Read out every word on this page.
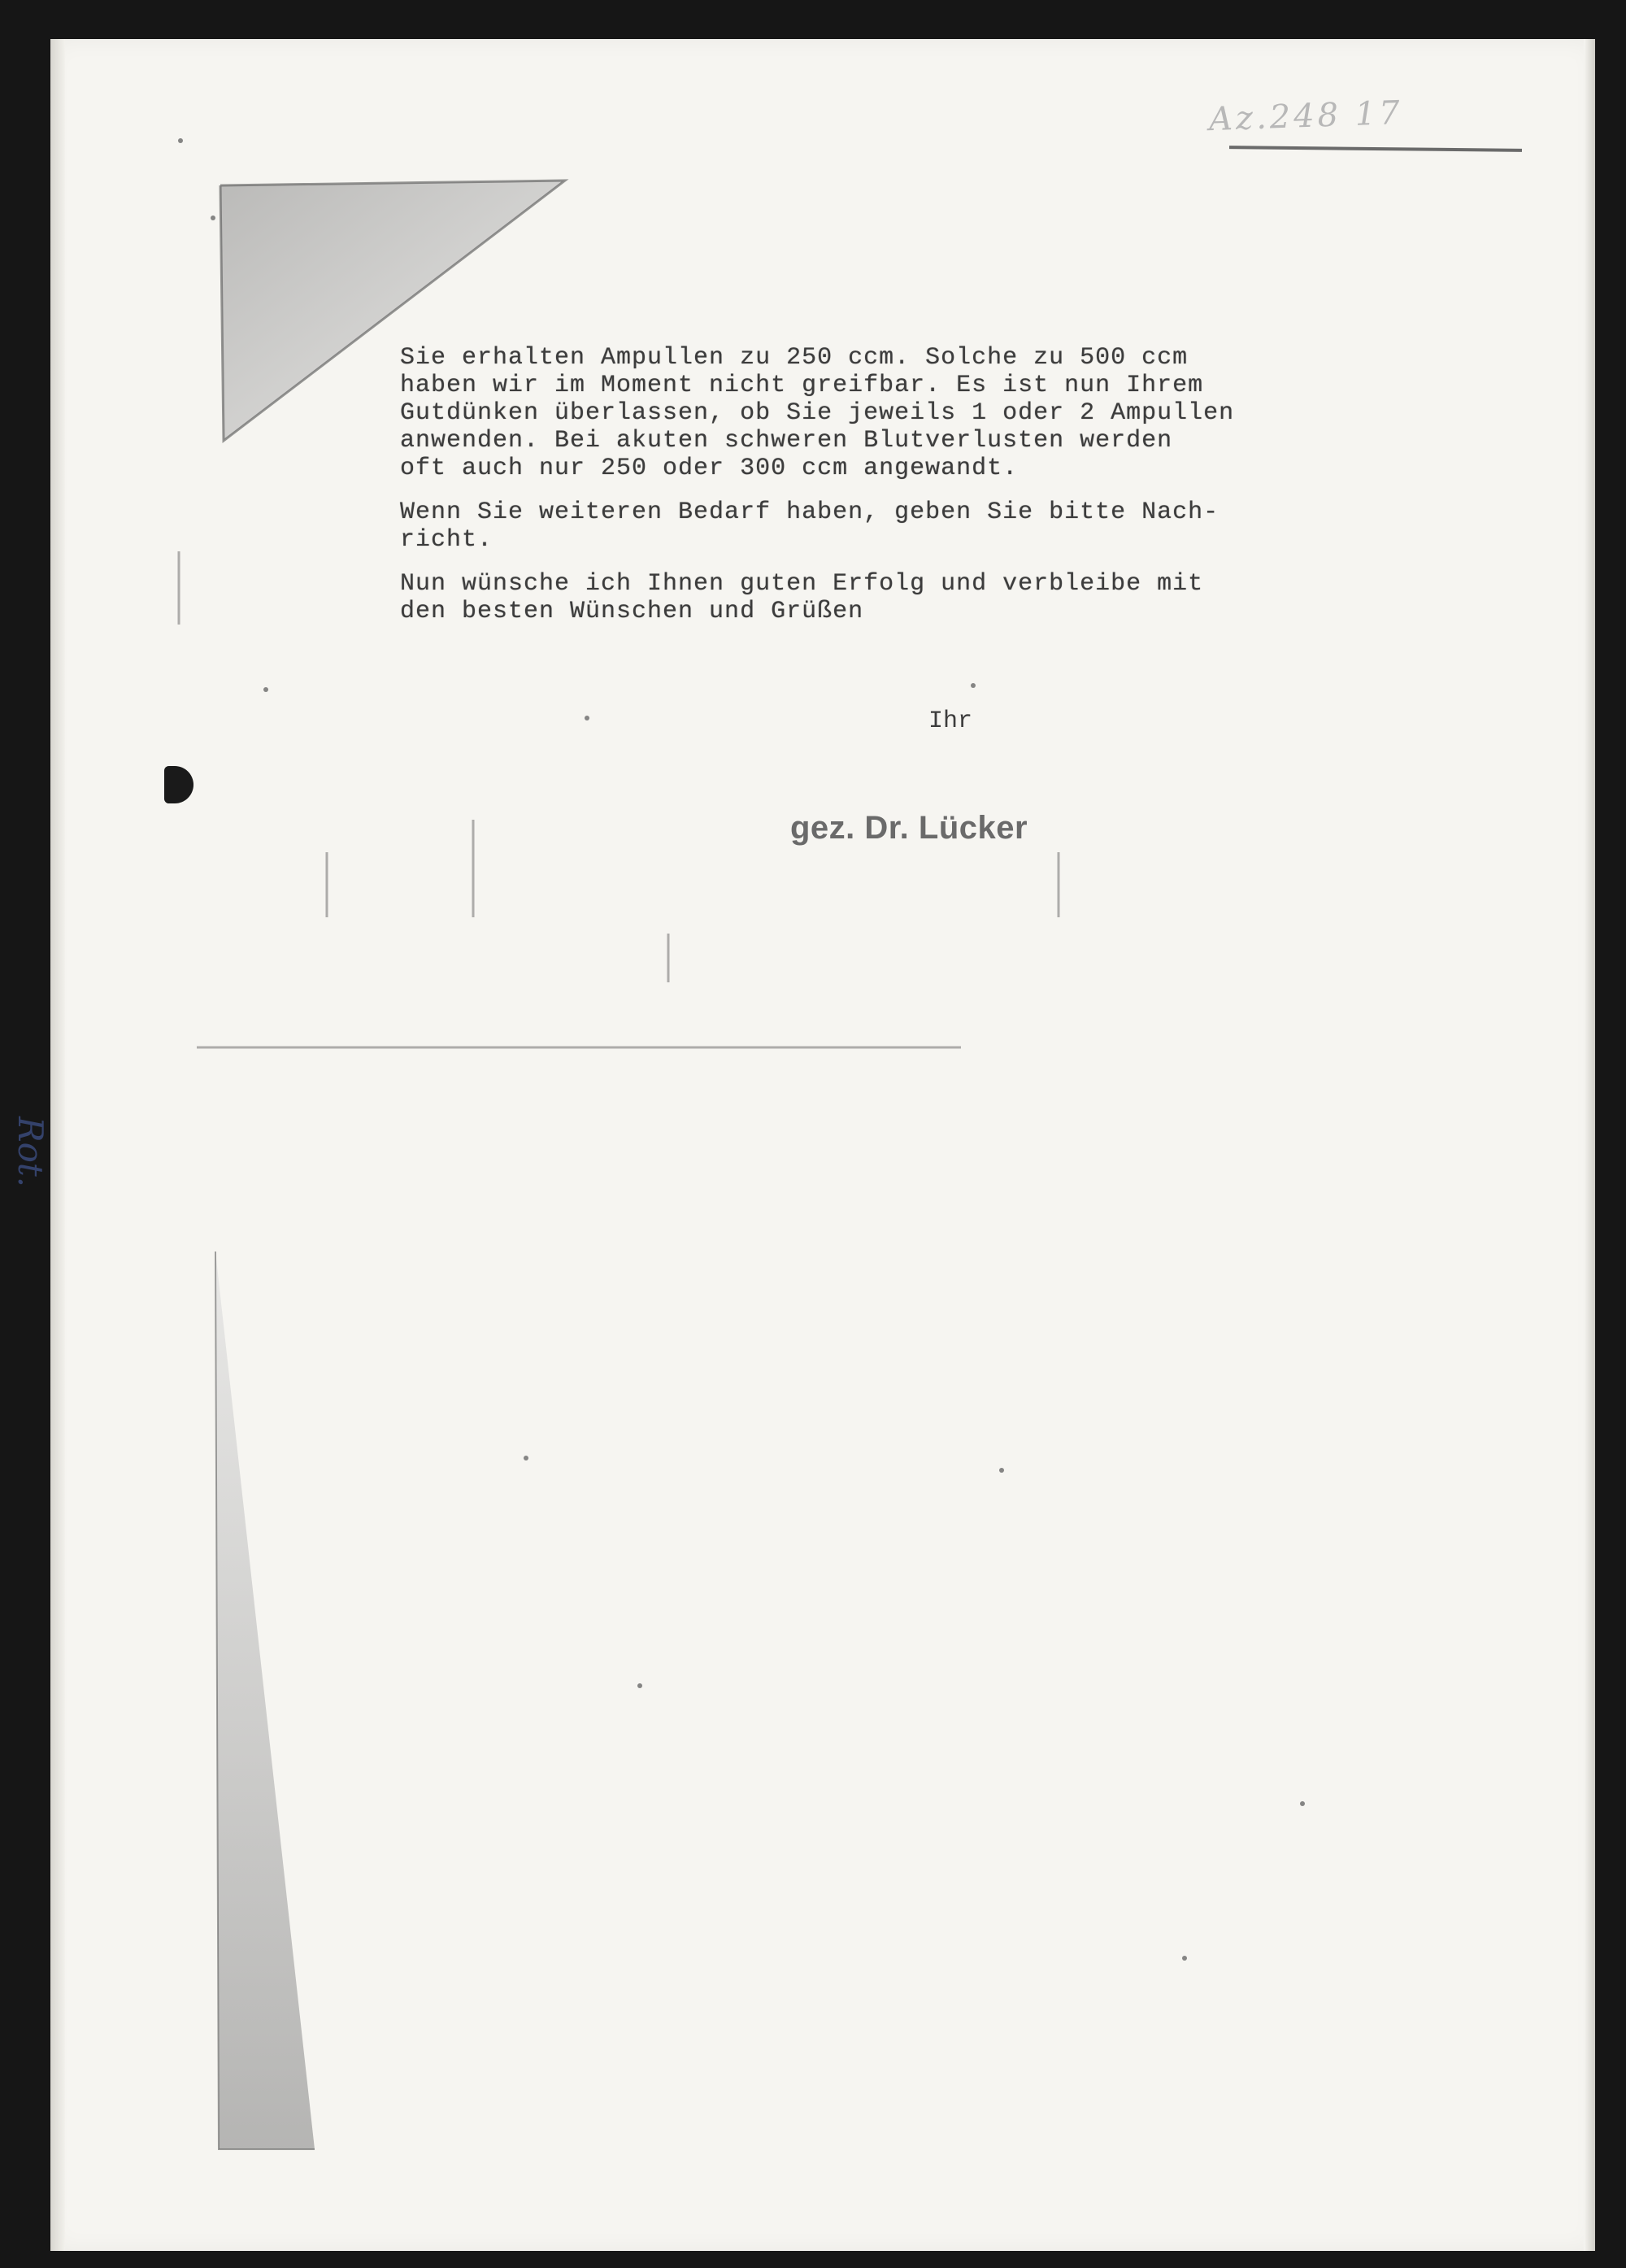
Az.248 17

Sie erhalten Ampullen zu 250 ccm. Solche zu 500 ccm
haben wir im Moment nicht greifbar. Es ist nun Ihrem
Gutdünken überlassen, ob Sie jeweils 1 oder 2 Ampullen
anwenden. Bei akuten schweren Blutverlusten werden
oft auch nur 250 oder 300 ccm angewandt.

Wenn Sie weiteren Bedarf haben, geben Sie bitte Nach-
richt.

Nun wünsche ich Ihnen guten Erfolg und verbleibe mit
den besten Wünschen und Grüßen

Ihr

gez. Dr. Lücker

Rot.
